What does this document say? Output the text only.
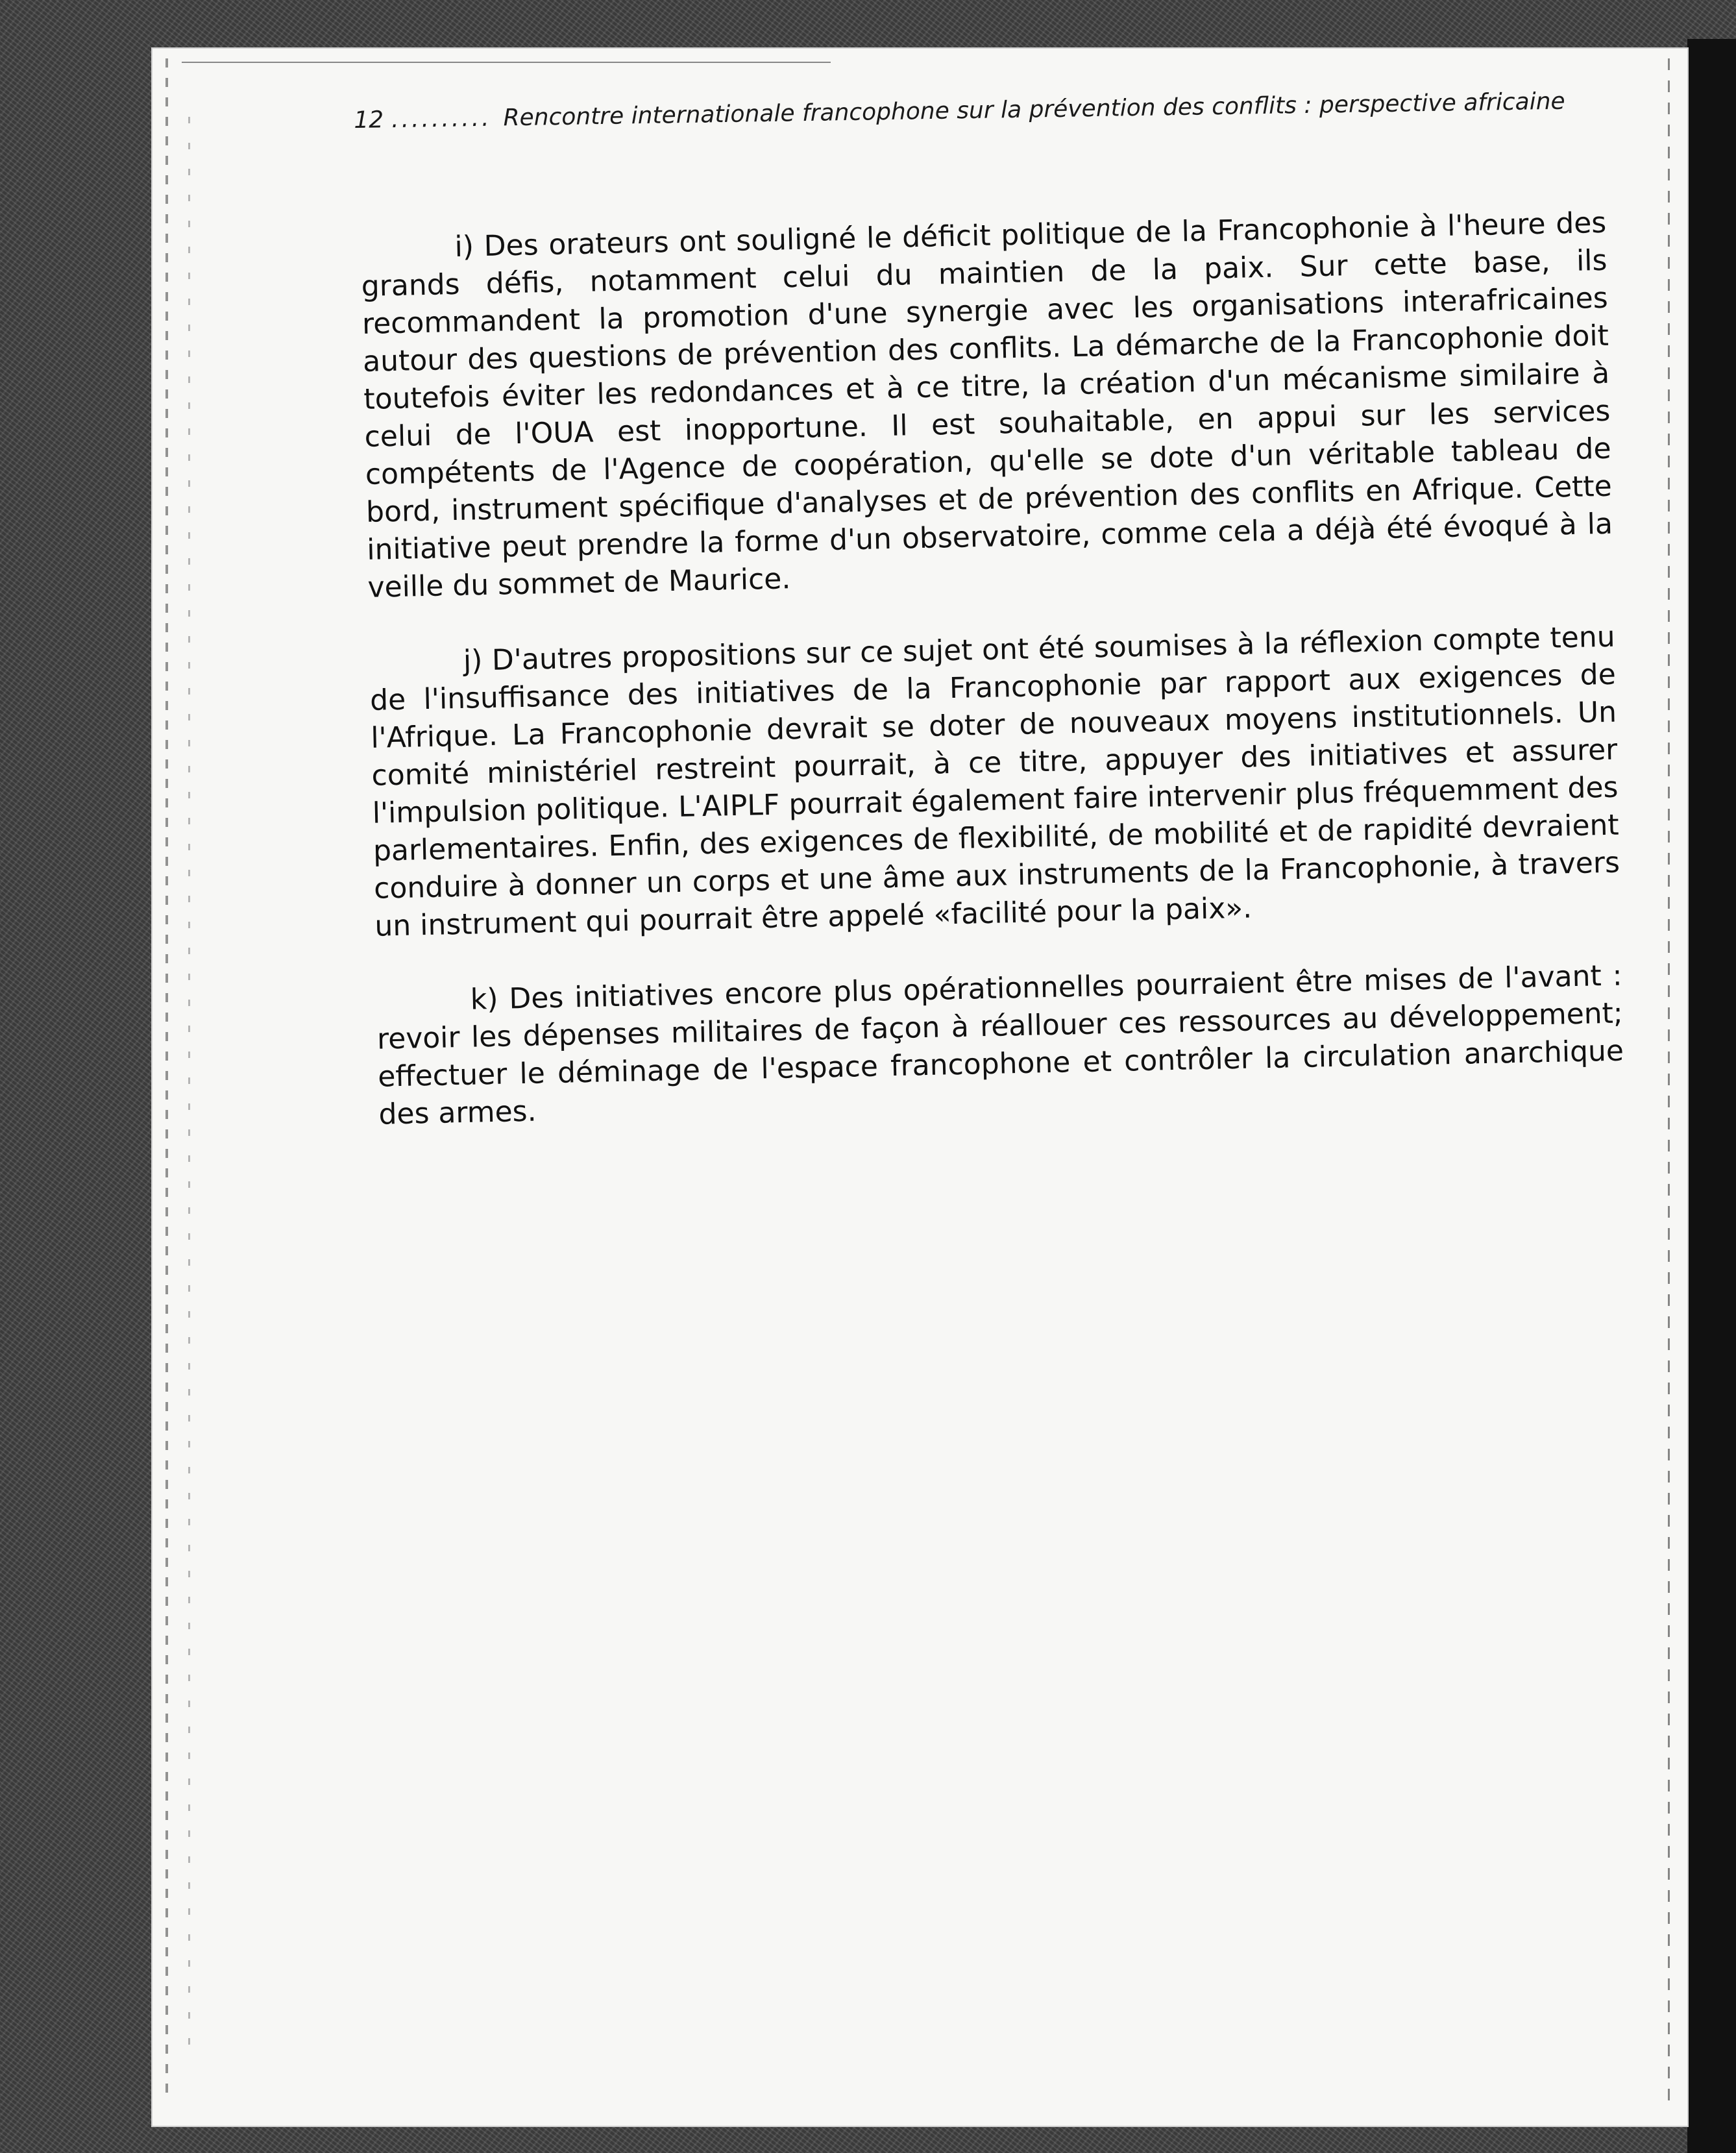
12 .......... Rencontre internationale francophone sur la prévention des conflits : perspective africaine

i) Des orateurs ont souligné le déficit politique de la Francophonie à l'heure des grands défis, notamment celui du maintien de la paix. Sur cette base, ils recommandent la promotion d'une synergie avec les organisations interafricaines autour des questions de prévention des conflits. La démarche de la Francophonie doit toutefois éviter les redondances et à ce titre, la création d'un mécanisme similaire à celui de l'OUA est inopportune. Il est souhaitable, en appui sur les services compétents de l'Agence de coopération, qu'elle se dote d'un véritable tableau de bord, instrument spécifique d'analyses et de prévention des conflits en Afrique. Cette initiative peut prendre la forme d'un observatoire, comme cela a déjà été évoqué à la veille du sommet de Maurice.

j) D'autres propositions sur ce sujet ont été soumises à la réflexion compte tenu de l'insuffisance des initiatives de la Francophonie par rapport aux exigences de l'Afrique. La Francophonie devrait se doter de nouveaux moyens institutionnels. Un comité ministériel restreint pourrait, à ce titre, appuyer des initiatives et assurer l'impulsion politique. L'AIPLF pourrait également faire intervenir plus fréquemment des parlementaires. Enfin, des exigences de flexibilité, de mobilité et de rapidité devraient conduire à donner un corps et une âme aux instruments de la Francophonie, à travers un instrument qui pourrait être appelé «facilité pour la paix».

k) Des initiatives encore plus opérationnelles pourraient être mises de l'avant : revoir les dépenses militaires de façon à réallouer ces ressources au développement; effectuer le déminage de l'espace francophone et contrôler la circulation anarchique des armes.
